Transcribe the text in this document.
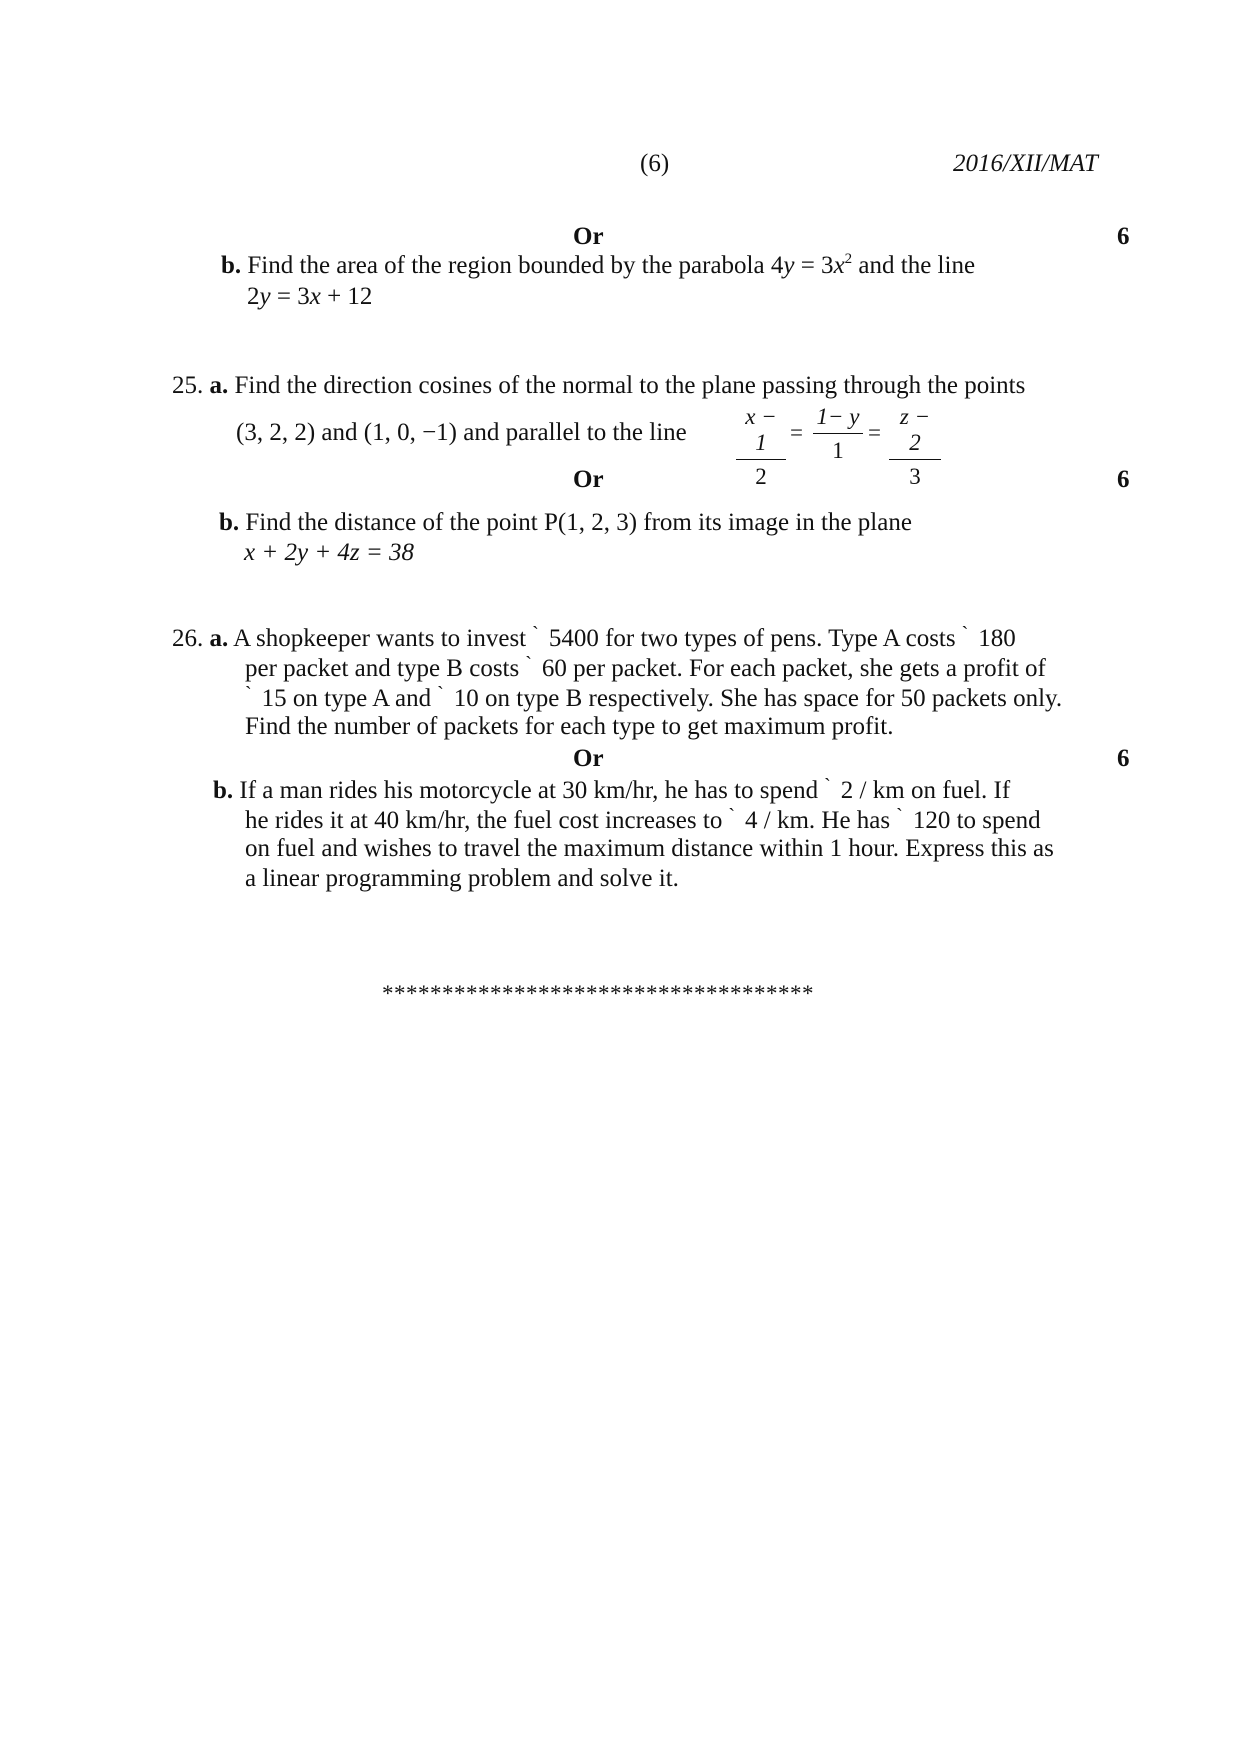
(6)	2016/XII/MAT
Or	6
b. Find the area of the region bounded by the parabola $4y = 3x^2$ and the line
2y = 3x + 12
25. a. Find the direction cosines of the normal to the plane passing through the points
(3, 2, 2) and (1, 0, −1) and parallel to the line $\frac{x - 1}{2} = \frac{1- y}{1} = \frac{z - 2}{3}$
Or	6
b. Find the distance of the point P(1, 2, 3) from its image in the plane
x + 2y + 4z = 38
26. a. A shopkeeper wants to invest ` 5400 for two types of pens. Type A costs ` 180
per packet and type B costs ` 60 per packet. For each packet, she gets a profit of
` 15 on type A and ` 10 on type B respectively. She has space for 50 packets only.
Find the number of packets for each type to get maximum profit.
Or	6
b. If a man rides his motorcycle at 30 km/hr, he has to spend ` 2 / km on fuel. If
he rides it at 40 km/hr, the fuel cost increases to ` 4 / km. He has ` 120 to spend
on fuel and wishes to travel the maximum distance within 1 hour. Express this as
a linear programming problem and solve it.
************************************
